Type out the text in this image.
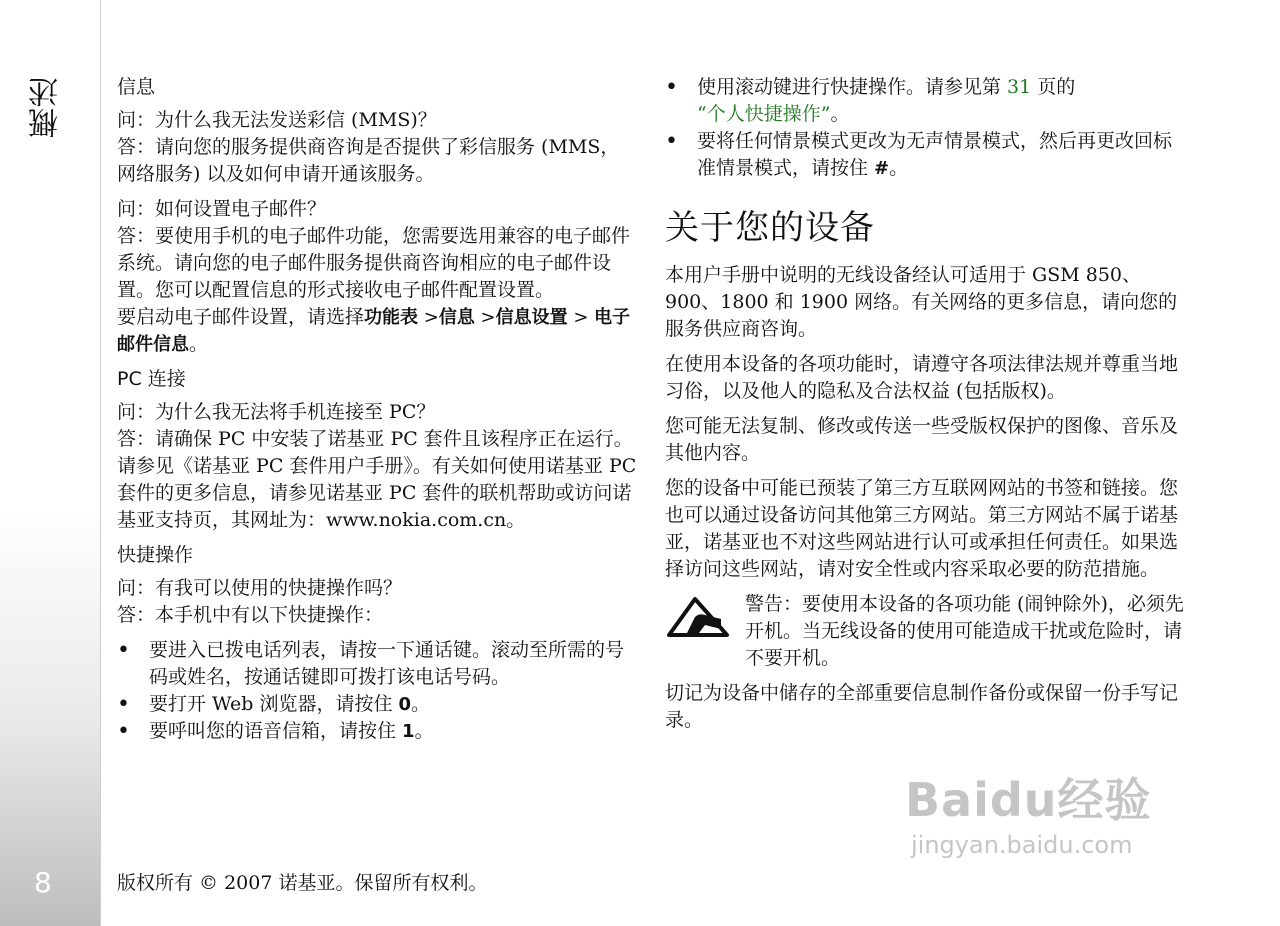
概述
8
信息

问：为什么我无法发送彩信 (MMS)？
答：请向您的服务提供商咨询是否提供了彩信服务 (MMS，网络服务) 以及如何申请开通该服务。

问：如何设置电子邮件？
答：要使用手机的电子邮件功能，您需要选用兼容的电子邮件系统。请向您的电子邮件服务提供商咨询相应的电子邮件设置。您可以配置信息的形式接收电子邮件配置设置。
要启动电子邮件设置，请选择功能表 >信息 >信息设置 > 电子邮件信息。

PC 连接

问：为什么我无法将手机连接至 PC？
答：请确保 PC 中安装了诺基亚 PC 套件且该程序正在运行。请参见《诺基亚 PC 套件用户手册》。有关如何使用诺基亚 PC 套件的更多信息，请参见诺基亚 PC 套件的联机帮助或访问诺基亚支持页，其网址为：www.nokia.com.cn。

快捷操作

问：有我可以使用的快捷操作吗？
答：本手机中有以下快捷操作：

• 要进入已拨电话列表，请按一下通话键。滚动至所需的号码或姓名，按通话键即可拨打该电话号码。
• 要打开 Web 浏览器，请按住 0。
• 要呼叫您的语音信箱，请按住 1。
• 使用滚动键进行快捷操作。请参见第 31 页的
“个人快捷操作”。
• 要将任何情景模式更改为无声情景模式，然后再更改回标准情景模式，请按住 #。
关于您的设备

本用户手册中说明的无线设备经认可适用于 GSM 850、900、1800 和 1900 网络。有关网络的更多信息，请向您的服务供应商咨询。

在使用本设备的各项功能时，请遵守各项法律法规并尊重当地习俗，以及他人的隐私及合法权益 (包括版权)。

您可能无法复制、修改或传送一些受版权保护的图像、音乐及其他内容。

您的设备中可能已预装了第三方互联网网站的书签和链接。您也可以通过设备访问其他第三方网站。第三方网站不属于诺基亚，诺基亚也不对这些网站进行认可或承担任何责任。如果选择访问这些网站，请对安全性或内容采取必要的防范措施。

警告：要使用本设备的各项功能 (闹钟除外)，必须先开机。当无线设备的使用可能造成干扰或危险时，请不要开机。

切记为设备中储存的全部重要信息制作备份或保留一份手写记录。

版权所有 © 2007 诺基亚。保留所有权利。
Baidu经验
jingyan.baidu.com
